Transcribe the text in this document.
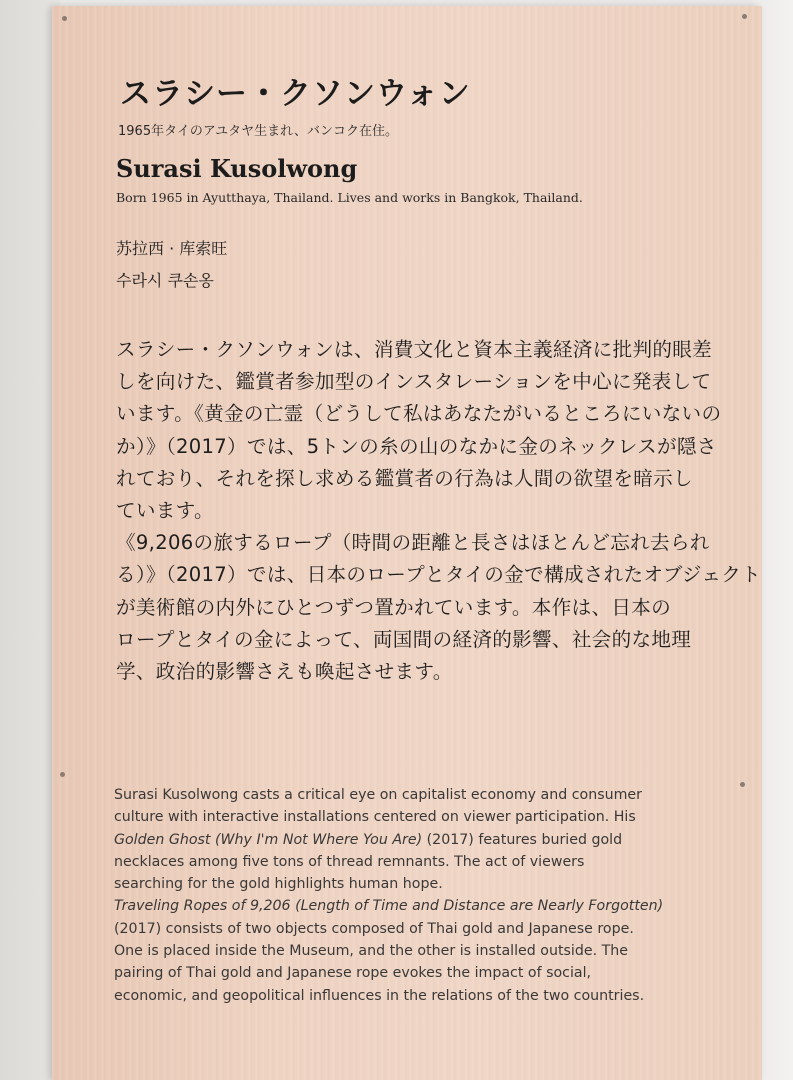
スラシー・クソンウォン
1965年タイのアユタヤ生まれ、バンコク在住。
Surasi Kusolwong
Born 1965 in Ayutthaya, Thailand. Lives and works in Bangkok, Thailand.
苏拉西 · 库索旺
수라시 쿠손옹
スラシー・クソンウォンは、消費文化と資本主義経済に批判的眼差
しを向けた、鑑賞者参加型のインスタレーションを中心に発表して
います。《黄金の亡霊（どうして私はあなたがいるところにいないの
か）》（2017）では、5トンの糸の山のなかに金のネックレスが隠さ
れており、それを探し求める鑑賞者の行為は人間の欲望を暗示し
ています。
《9,206の旅するロープ（時間の距離と長さはほとんど忘れ去られ
る）》（2017）では、日本のロープとタイの金で構成されたオブジェクト
が美術館の内外にひとつずつ置かれています。本作は、日本の
ロープとタイの金によって、両国間の経済的影響、社会的な地理
学、政治的影響さえも喚起させます。
Surasi Kusolwong casts a critical eye on capitalist economy and consumer
culture with interactive installations centered on viewer participation. His
Golden Ghost (Why I'm Not Where You Are) (2017) features buried gold
necklaces among five tons of thread remnants. The act of viewers
searching for the gold highlights human hope.
Traveling Ropes of 9,206 (Length of Time and Distance are Nearly Forgotten)
(2017) consists of two objects composed of Thai gold and Japanese rope.
One is placed inside the Museum, and the other is installed outside. The
pairing of Thai gold and Japanese rope evokes the impact of social,
economic, and geopolitical influences in the relations of the two countries.
